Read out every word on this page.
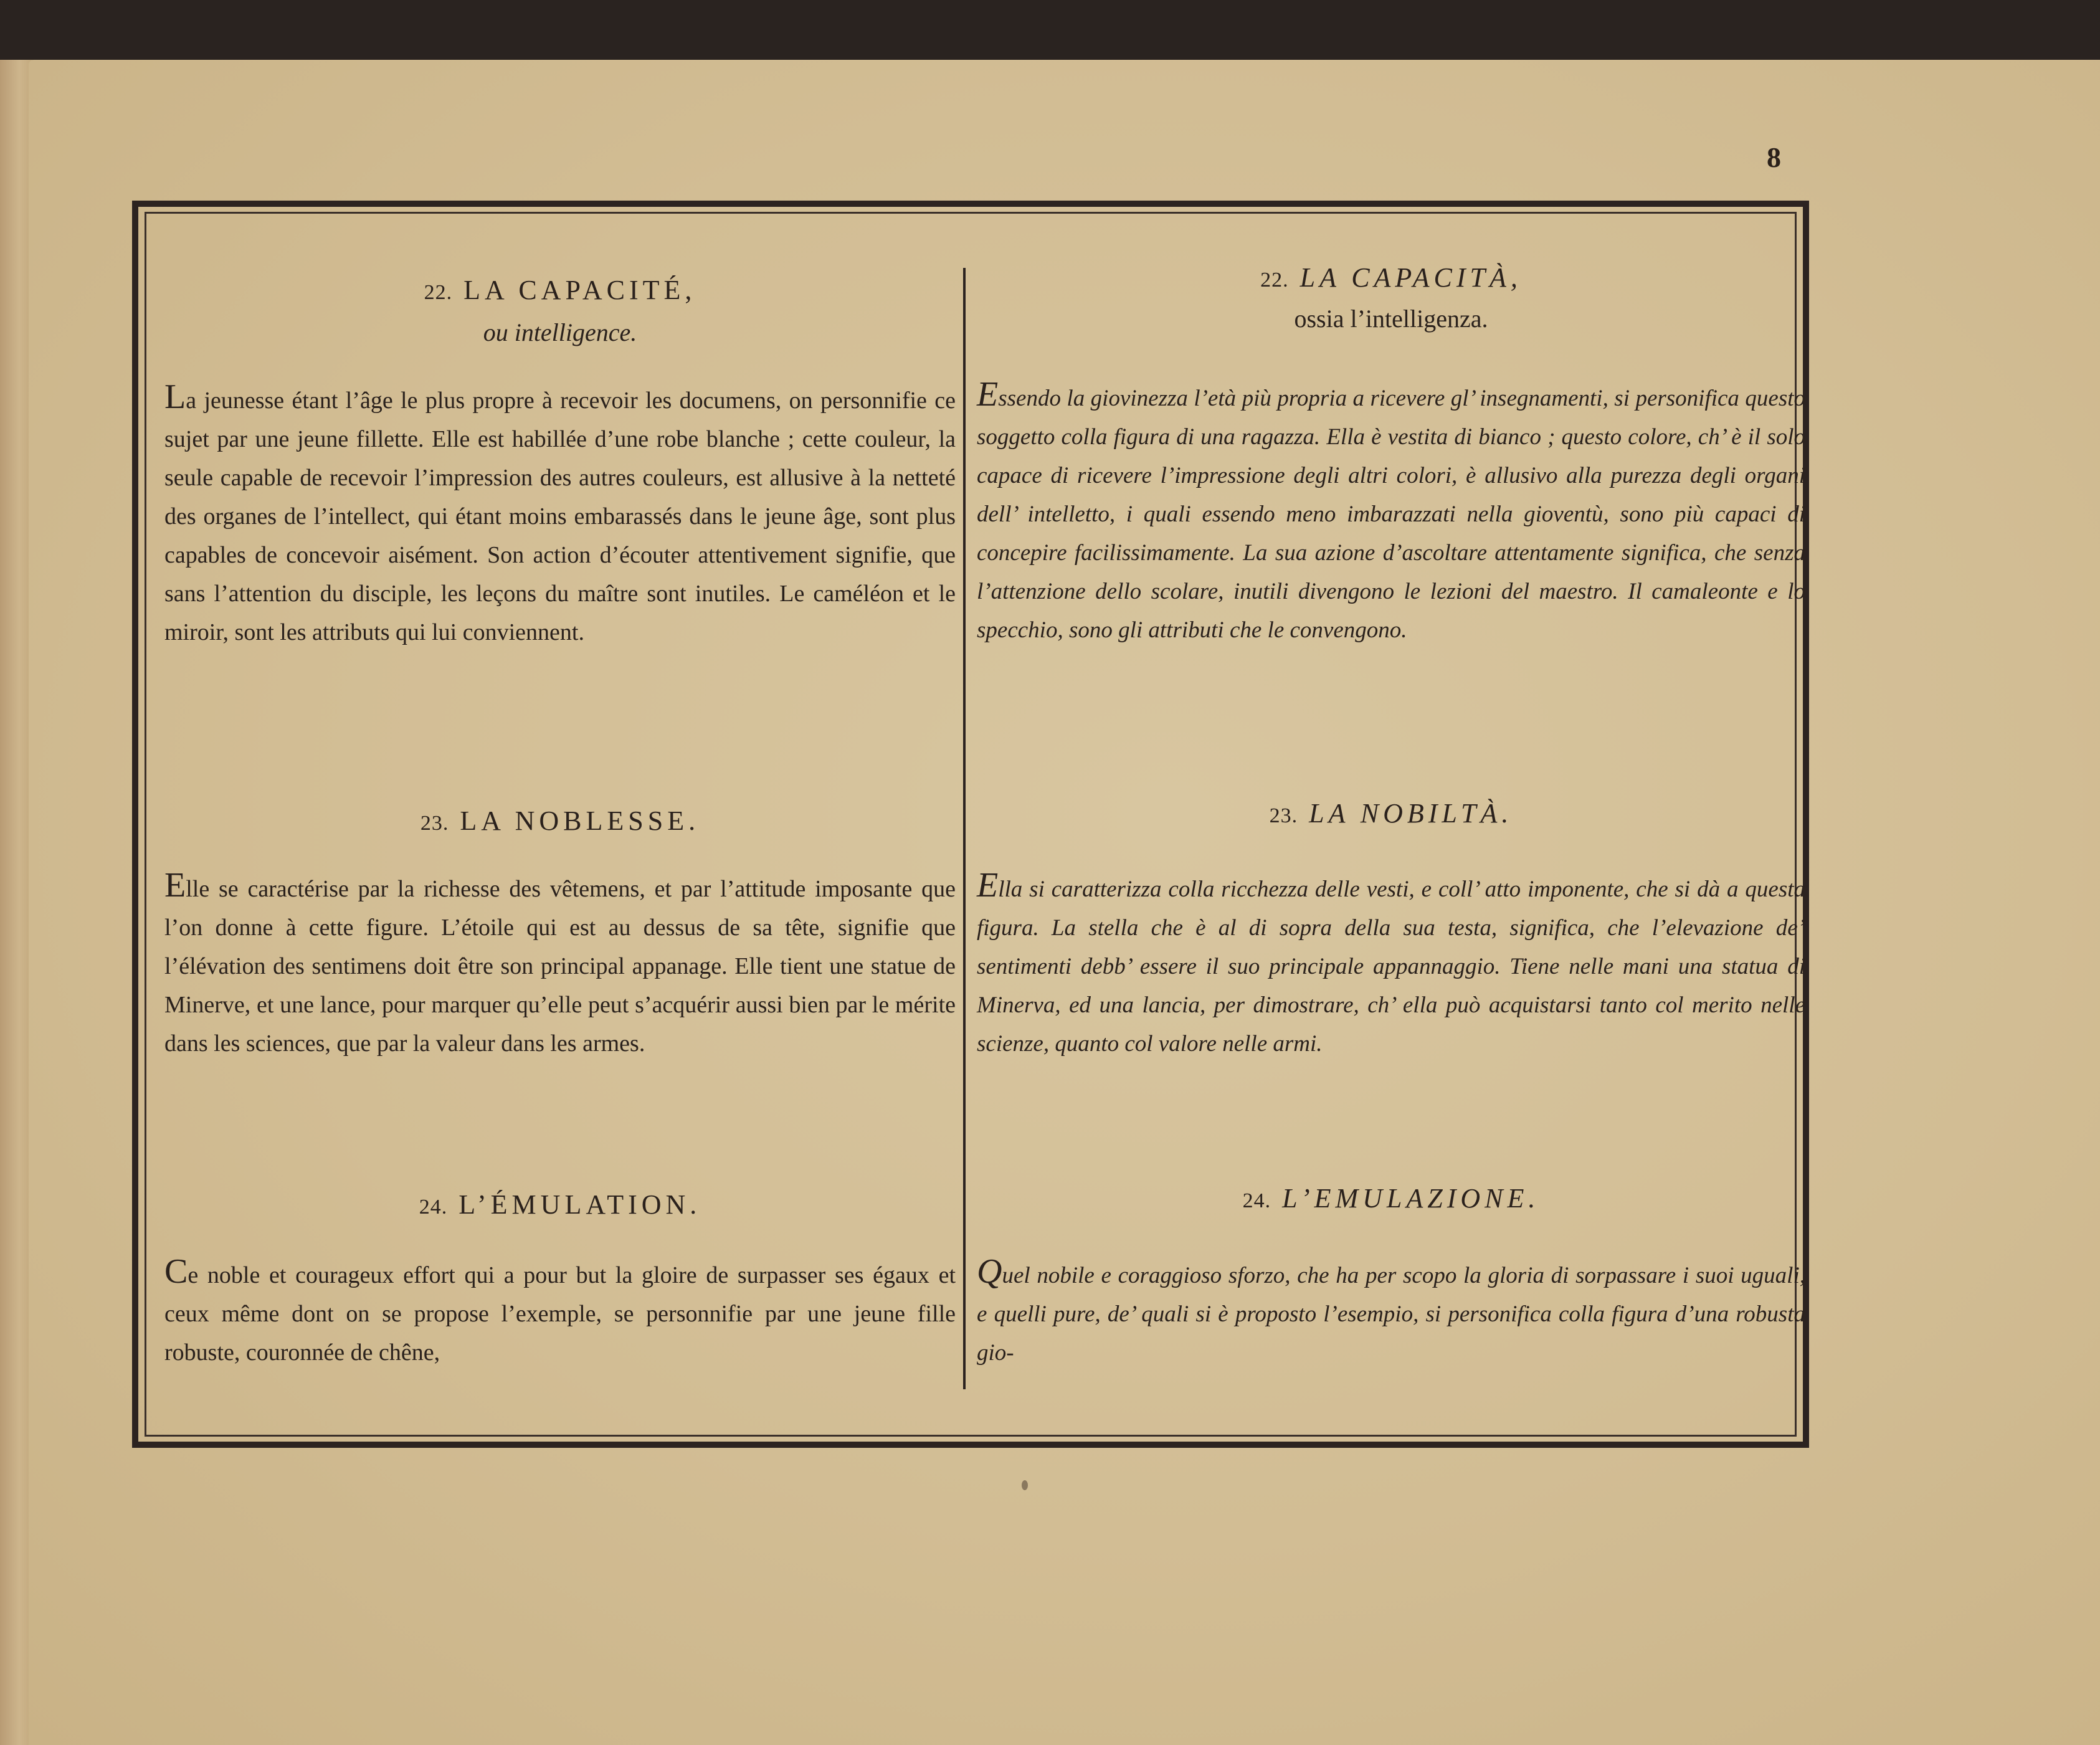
8
22. LA CAPACITÉ,
ou intelligence.

La jeunesse étant l’âge le plus propre à recevoir les documens, on personnifie ce sujet par une jeune fillette. Elle est habillée d’une robe blanche ; cette couleur, la seule capable de recevoir l’impression des autres couleurs, est allusive à la netteté des organes de l’intellect, qui étant moins embarassés dans le jeune âge, sont plus capables de concevoir aisément. Son action d’écouter attentivement signifie, que sans l’attention du disciple, les leçons du maître sont inutiles. Le caméléon et le miroir, sont les attributs qui lui conviennent.

23. LA NOBLESSE.

Elle se caractérise par la richesse des vêtemens, et par l’attitude imposante que l’on donne à cette figure. L’étoile qui est au dessus de sa tête, signifie que l’élévation des sentimens doit être son principal appanage. Elle tient une statue de Minerve, et une lance, pour marquer qu’elle peut s’acquérir aussi bien par le mérite dans les sciences, que par la valeur dans les armes.

24. L’ÉMULATION.

Ce noble et courageux effort qui a pour but la gloire de surpasser ses égaux et ceux même dont on se propose l’exemple, se personnifie par une jeune fille robuste, couronnée de chêne,

22. LA CAPACITÀ,
ossia l’intelligenza.

Essendo la giovinezza l’età più propria a ricevere gl’ insegnamenti, si personifica questo soggetto colla figura di una ragazza. Ella è vestita di bianco ; questo colore, ch’ è il solo capace di ricevere l’impressione degli altri colori, è allusivo alla purezza degli organi dell’ intelletto, i quali essendo meno imbarazzati nella gioventù, sono più capaci di concepire facilissimamente. La sua azione d’ascoltare attentamente significa, che senza l’attenzione dello scolare, inutili divengono le lezioni del maestro. Il camaleonte e lo specchio, sono gli attributi che le convengono.

23. LA NOBILTÀ.

Ella si caratterizza colla ricchezza delle vesti, e coll’ atto imponente, che si dà a questa figura. La stella che è al di sopra della sua testa, significa, che l’elevazione de’ sentimenti debb’ essere il suo principale appannaggio. Tiene nelle mani una statua di Minerva, ed una lancia, per dimostrare, ch’ ella può acquistarsi tanto col merito nelle scienze, quanto col valore nelle armi.

24. L’EMULAZIONE.

Quel nobile e coraggioso sforzo, che ha per scopo la gloria di sorpassare i suoi uguali, e quelli pure, de’ quali si è proposto l’esempio, si personifica colla figura d’una robusta gio-
